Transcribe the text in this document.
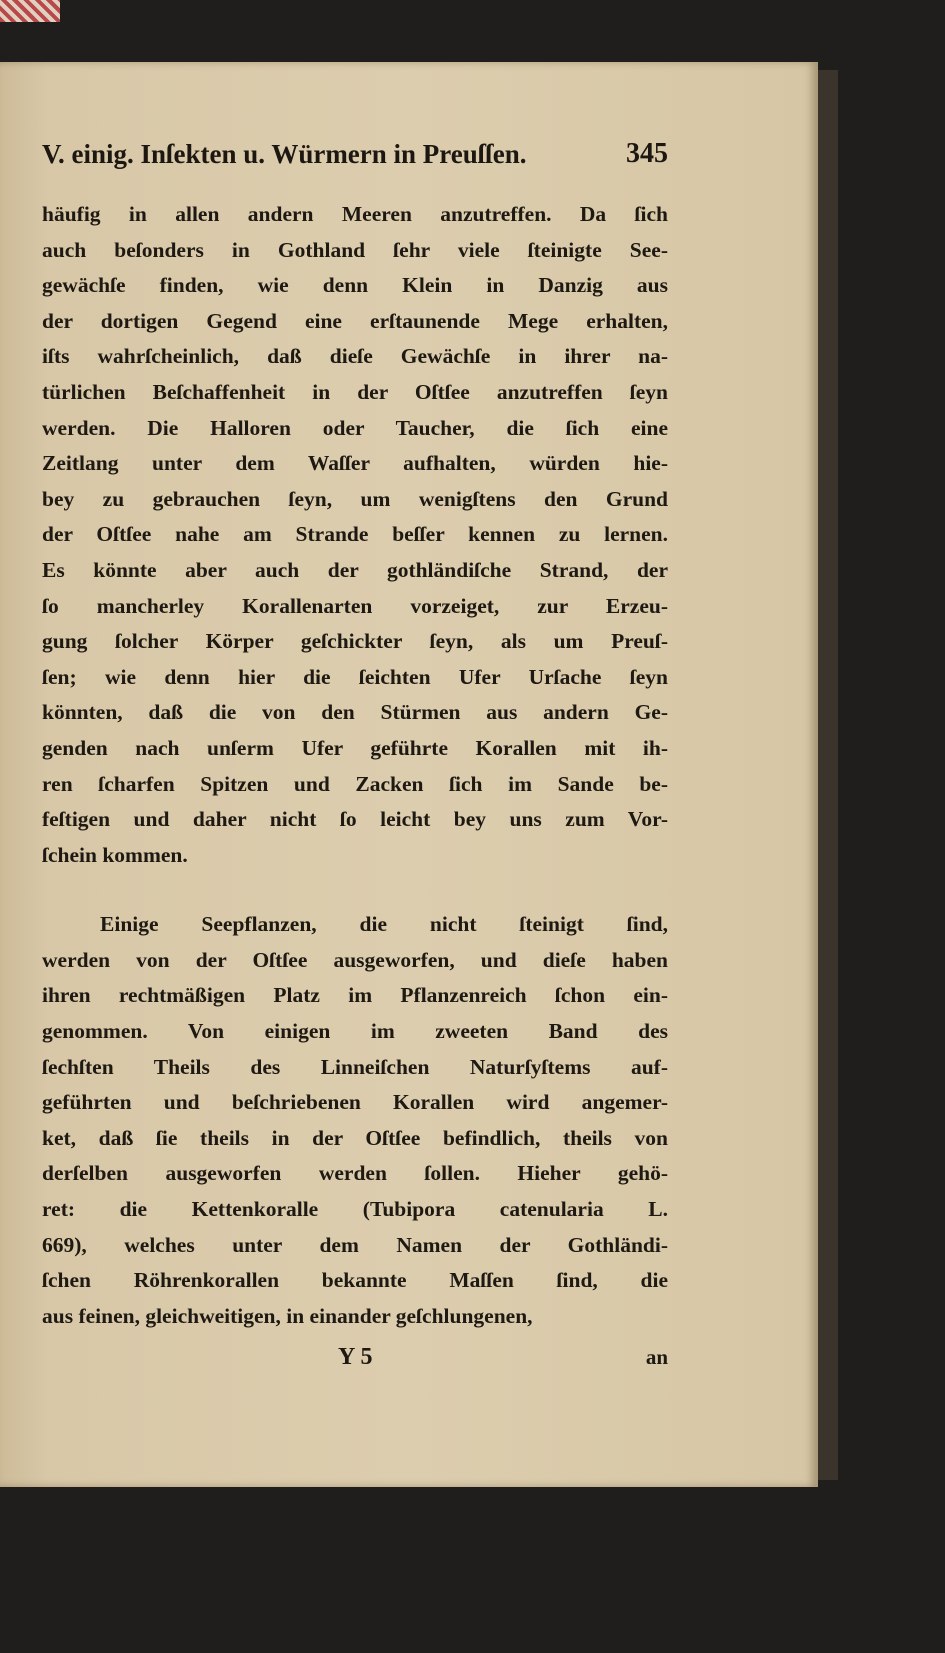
V. einig. Inſekten u. Würmern in Preuſſen.	345
häufig in allen andern Meeren anzutreffen. Da ſich
auch beſonders in Gothland ſehr viele ſteinigte See-
gewächſe finden, wie denn Klein in Danzig aus
der dortigen Gegend eine erſtaunende Mege erhalten,
iſts wahrſcheinlich, daß dieſe Gewächſe in ihrer na-
türlichen Beſchaffenheit in der Oſtſee anzutreffen ſeyn
werden. Die Halloren oder Taucher, die ſich eine
Zeitlang unter dem Waſſer aufhalten, würden hie-
bey zu gebrauchen ſeyn, um wenigſtens den Grund
der Oſtſee nahe am Strande beſſer kennen zu lernen.
Es könnte aber auch der gothländiſche Strand, der
ſo mancherley Korallenarten vorzeiget, zur Erzeu-
gung ſolcher Körper geſchickter ſeyn, als um Preuſ-
ſen; wie denn hier die ſeichten Ufer Urſache ſeyn
könnten, daß die von den Stürmen aus andern Ge-
genden nach unſerm Ufer geführte Korallen mit ih-
ren ſcharfen Spitzen und Zacken ſich im Sande be-
feſtigen und daher nicht ſo leicht bey uns zum Vor-
ſchein kommen.
Einige Seepflanzen, die nicht ſteinigt ſind,
werden von der Oſtſee ausgeworfen, und dieſe haben
ihren rechtmäßigen Platz im Pflanzenreich ſchon ein-
genommen. Von einigen im zweeten Band des
ſechſten Theils des Linneiſchen Naturſyſtems auf-
geführten und beſchriebenen Korallen wird angemer-
ket, daß ſie theils in der Oſtſee befindlich, theils von
derſelben ausgeworfen werden ſollen. Hieher gehö-
ret: die Kettenkoralle (Tubipora catenularia L.
669), welches unter dem Namen der Gothländi-
ſchen Röhrenkorallen bekannte Maſſen ſind, die
aus feinen, gleichweitigen, in einander geſchlungenen,
Y 5	an
